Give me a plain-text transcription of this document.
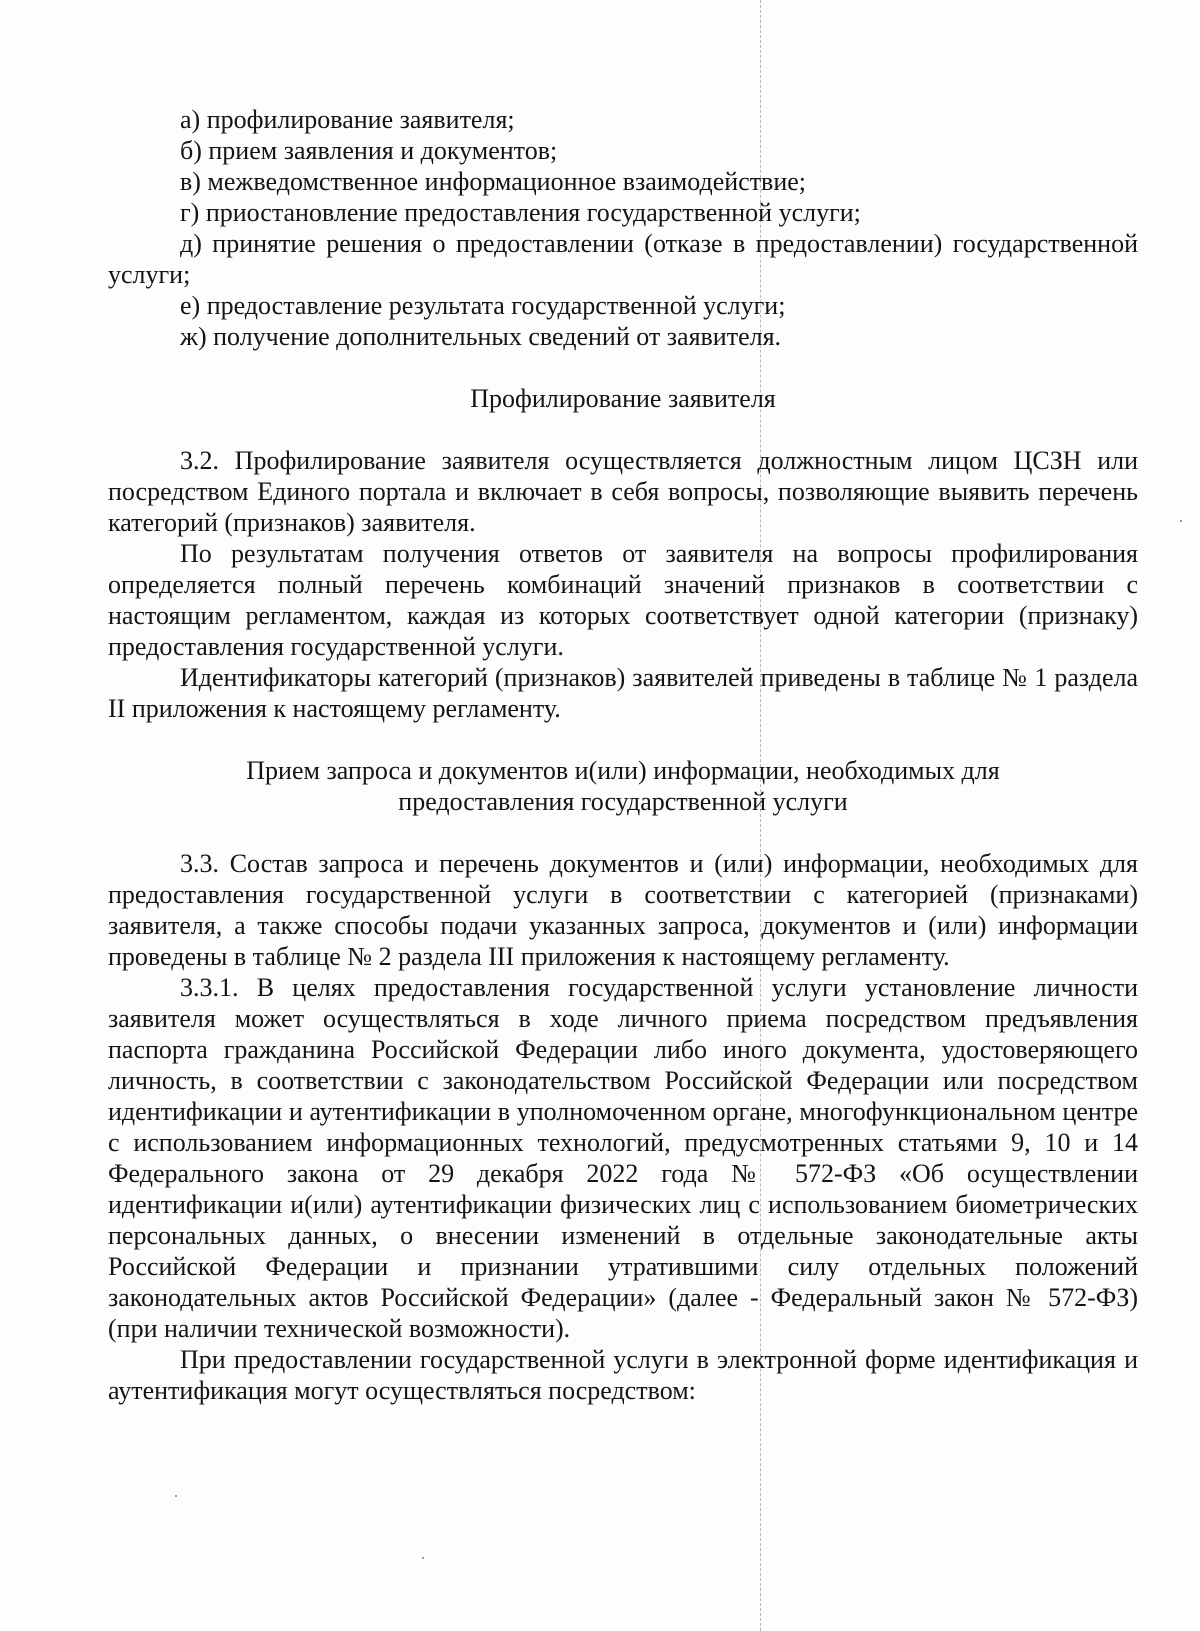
а) профилирование заявителя;

б) прием заявления и документов;

в) межведомственное информационное взаимодействие;

г) приостановление предоставления государственной услуги;

д) принятие решения о предоставлении (отказе в предоставлении) государственной услуги;

е) предоставление результата государственной услуги;

ж) получение дополнительных сведений от заявителя.

Профилирование заявителя

3.2. Профилирование заявителя осуществляется должностным лицом ЦСЗН или посредством Единого портала и включает в себя вопросы, позволяющие выявить перечень категорий (признаков) заявителя.

По результатам получения ответов от заявителя на вопросы профилирования определяется полный перечень комбинаций значений признаков в соответствии с настоящим регламентом, каждая из которых соответствует одной категории (признаку) предоставления государственной услуги.

Идентификаторы категорий (признаков) заявителей приведены в таблице № 1 раздела II приложения к настоящему регламенту.

Прием запроса и документов и(или) информации, необходимых для

предоставления государственной услуги

3.3. Состав запроса и перечень документов и (или) информации, необходимых для предоставления государственной услуги в соответствии с категорией (признаками) заявителя, а также способы подачи указанных запроса, документов и (или) информации проведены в таблице № 2 раздела III приложения к настоящему регламенту.

3.3.1. В целях предоставления государственной услуги установление личности заявителя может осуществляться в ходе личного приема посредством предъявления паспорта гражданина Российской Федерации либо иного документа, удостоверяющего личность, в соответствии с законодательством Российской Федерации или посредством идентификации и аутентификации в уполномоченном органе, многофункциональном центре с использованием информационных технологий, предусмотренных статьями 9, 10 и 14 Федерального закона от 29 декабря 2022 года № 572-ФЗ «Об осуществлении идентификации и(или) аутентификации физических лиц с использованием биометрических персональных данных, о внесении изменений в отдельные законодательные акты Российской Федерации и признании утратившими силу отдельных положений законодательных актов Российской Федерации» (далее - Федеральный закон № 572-ФЗ) (при наличии технической возможности).

При предоставлении государственной услуги в электронной форме идентификация и аутентификация могут осуществляться посредством:
